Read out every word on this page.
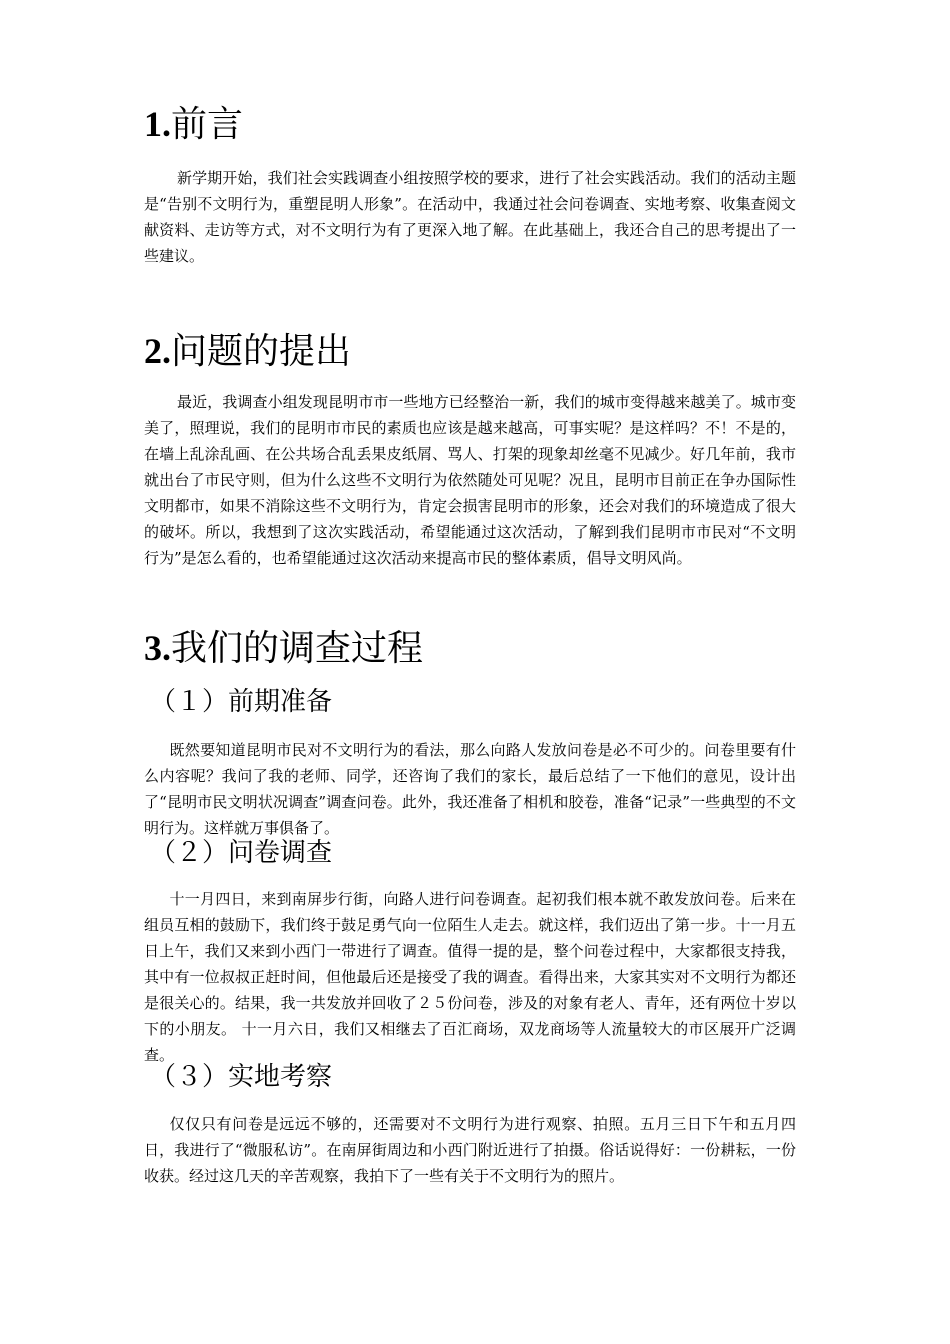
1.前言

新学期开始，我们社会实践调查小组按照学校的要求，进行了社会实践活动。我们的活动主题是“告别不文明行为，重塑昆明人形象”。在活动中，我通过社会问卷调查、实地考察、收集查阅文献资料、走访等方式，对不文明行为有了更深入地了解。在此基础上，我还合自己的思考提出了一些建议。

2.问题的提出

最近，我调查小组发现昆明市市一些地方已经整治一新，我们的城市变得越来越美了。城市变美了，照理说，我们的昆明市市民的素质也应该是越来越高，可事实呢？是这样吗？不！不是的，在墙上乱涂乱画、在公共场合乱丢果皮纸屑、骂人、打架的现象却丝毫不见减少。好几年前，我市就出台了市民守则，但为什么这些不文明行为依然随处可见呢？况且，昆明市目前正在争办国际性文明都市，如果不消除这些不文明行为，肯定会损害昆明市的形象，还会对我们的环境造成了很大的破坏。所以，我想到了这次实践活动，希望能通过这次活动，了解到我们昆明市市民对“不文明行为”是怎么看的，也希望能通过这次活动来提高市民的整体素质，倡导文明风尚。

3.我们的调查过程
（１）前期准备

既然要知道昆明市民对不文明行为的看法，那么向路人发放问卷是必不可少的。问卷里要有什么内容呢？我问了我的老师、同学，还咨询了我们的家长，最后总结了一下他们的意见，设计出了“昆明市民文明状况调查”调查问卷。此外，我还准备了相机和胶卷，准备“记录”一些典型的不文明行为。这样就万事俱备了。

（２）问卷调查

十一月四日，来到南屏步行街，向路人进行问卷调查。起初我们根本就不敢发放问卷。后来在组员互相的鼓励下，我们终于鼓足勇气向一位陌生人走去。就这样，我们迈出了第一步。十一月五日上午，我们又来到小西门一带进行了调查。值得一提的是，整个问卷过程中，大家都很支持我，其中有一位叔叔正赶时间，但他最后还是接受了我的调查。看得出来，大家其实对不文明行为都还是很关心的。结果，我一共发放并回收了２５份问卷，涉及的对象有老人、青年，还有两位十岁以下的小朋友。 十一月六日，我们又相继去了百汇商场，双龙商场等人流量较大的市区展开广泛调查。

（３）实地考察

仅仅只有问卷是远远不够的，还需要对不文明行为进行观察、拍照。五月三日下午和五月四日，我进行了“微服私访”。在南屏街周边和小西门附近进行了拍摄。俗话说得好：一份耕耘，一份收获。经过这几天的辛苦观察，我拍下了一些有关于不文明行为的照片。
